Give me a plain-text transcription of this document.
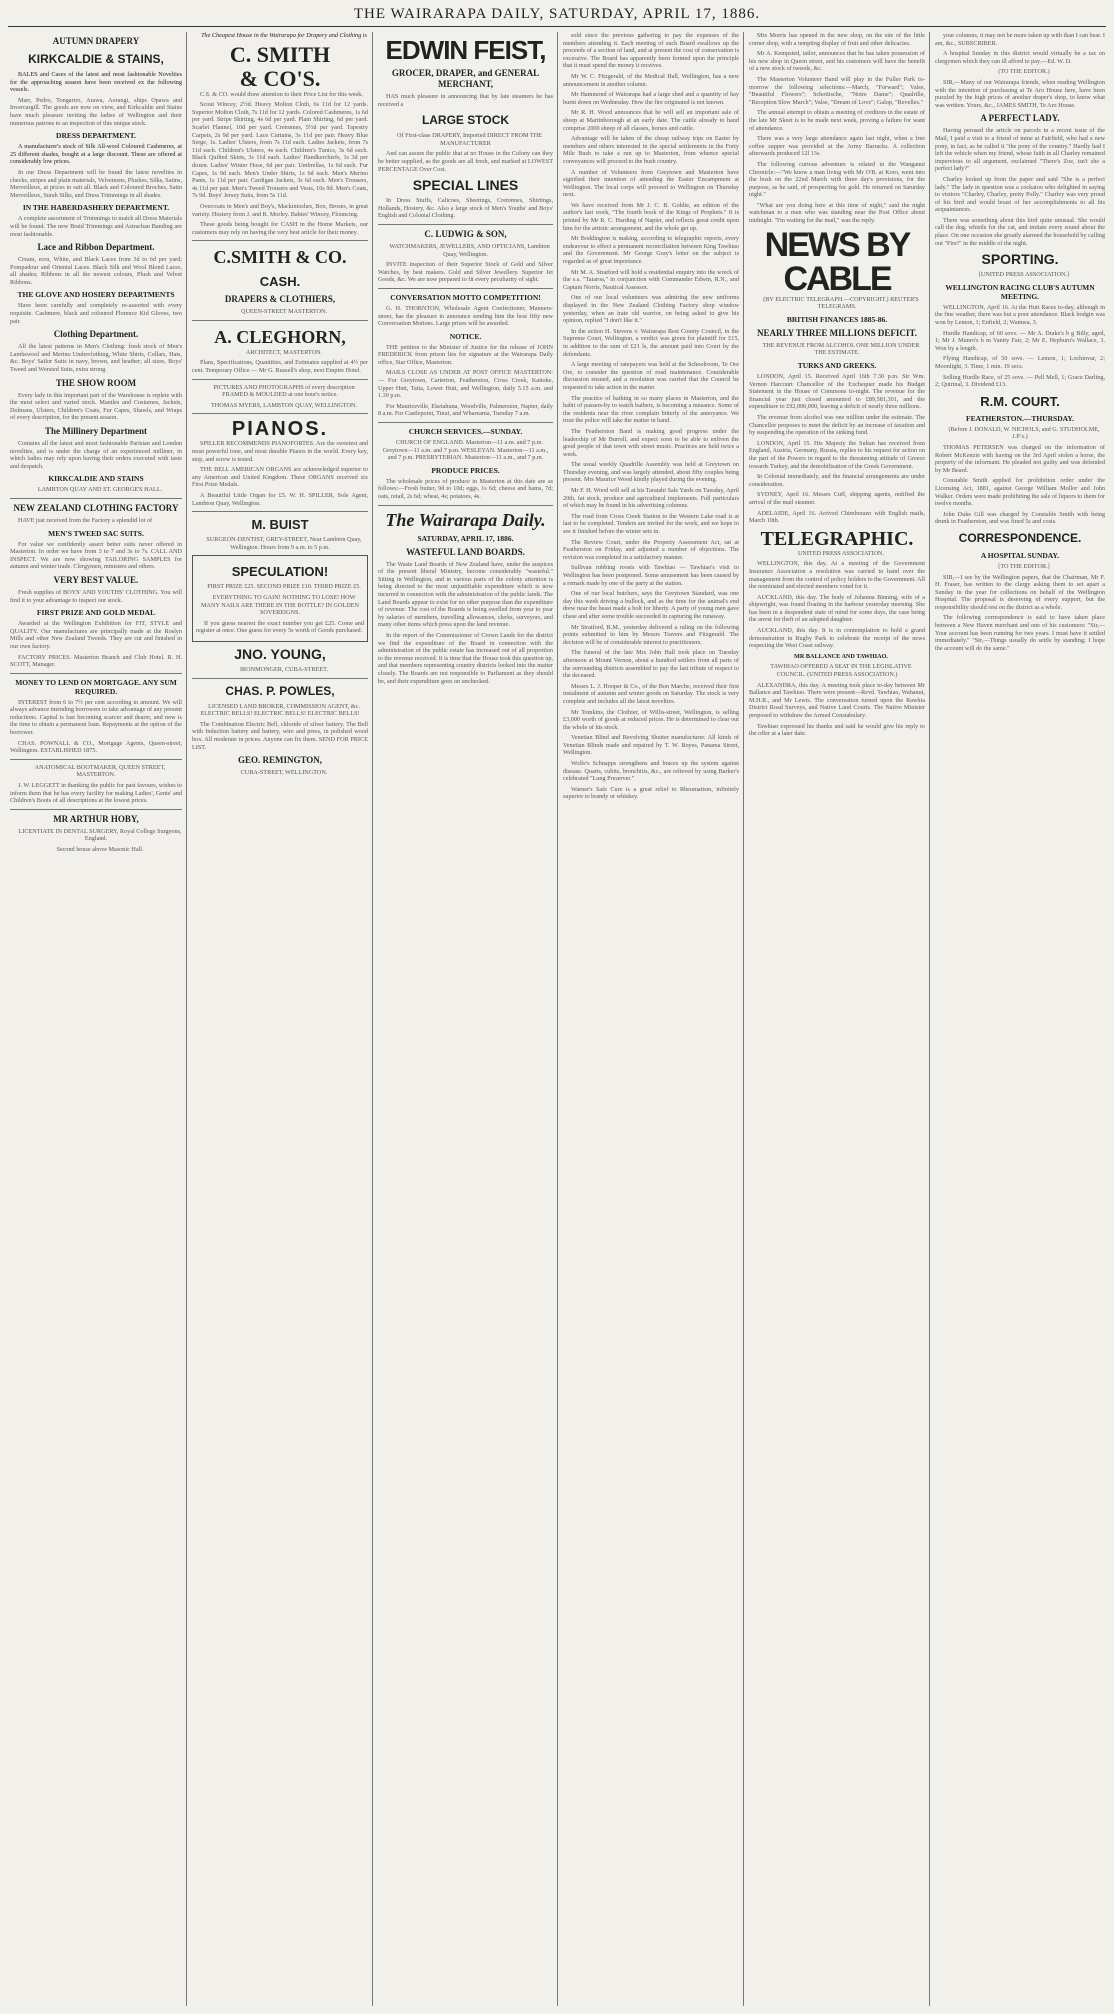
THE WAIRARAPA DAILY, SATURDAY, APRIL 17, 1886.
AUTUMN DRAPERY
KIRKCALDIE & STAINS,

BALES and Cases of the latest and most fashionable Novelties for the approaching season have been received ex the following vessels.

Marr, Pedro, Tongariro, Arawa, Aorangi, ships Opawa and Invercargill. The goods are now on view, and Kirkcaldie and Stains have much pleasure inviting the ladies of Wellington and their numerous patrons to an inspection of this unique stock.

DRESS DEPARTMENT.

A manufacturer's stock of Silk All-wool Coloured Cashmeres, at 25 different shades, bought at a large discount. These are offered at considerably low prices.

In our Dress Department will be found the latest novelties in checks, stripes and plain materials, Velveteens, Plushes, Silks, Satins, Merveilleux, at prices to suit all. Black and Coloured Broches, Satin Merveilleux, Surah Silks, and Dress Trimmings in all shades.

IN THE HABERDASHERY DEPARTMENT.

A complete assortment of Trimmings to match all Dress Materials will be found. The new Braid Trimmings and Astrachan Banding are most fashionable.

Lace and Ribbon Department.

Cream, ecru, White, and Black Laces from 3d to 6d per yard; Pompadour and Oriental Laces. Black Silk and Wool Blond Laces, all shades; Ribbons in all the newest colours, Plush and Velvet Ribbons.

THE GLOVE AND HOSIERY DEPARTMENTS

Have been carefully and completely re-assorted with every requisite. Cashmere, black and coloured Florence Kid Gloves, two pair.

Clothing Department.

All the latest patterns in Men's Clothing: fresh stock of Men's Lambswool and Merino Underclothing, White Shirts, Collars, Hats, &c. Boys' Sailor Suits in navy, brown, and heather; all sizes, Boys' Tweed and Worsted Suits, extra strong.

THE SHOW ROOM

Every lady in this important part of the Warehouse is replete with the most select and varied stock. Mantles and Costumes, Jackets, Dolmans, Ulsters, Children's Coats, Fur Capes, Shawls, and Wraps of every description, for the present season.

The Millinery Department

Contains all the latest and most fashionable Parisian and London novelties, and is under the charge of an experienced milliner, in which ladies may rely upon having their orders executed with taste and despatch.

KIRKCALDIE AND STAINS

LAMBTON QUAY AND ST. GEORGE'S HALL.

NEW ZEALAND CLOTHING FACTORY

HAVE just received from the Factory a splendid lot of

MEN'S TWEED SAC SUITS.

For value we confidently assert better suits never offered in Masterton. In order we have from 3 to 7 and 3s to 7s. CALL AND INSPECT. We are now showing TAILORING SAMPLES for autumn and winter trade. Clergymen, ministers and others.

VERY BEST VALUE.

Fresh supplies of BOYS' AND YOUTHS' CLOTHING. You will find it to your advantage to inspect our stock.

FIRST PRIZE AND GOLD MEDAL

Awarded at the Wellington Exhibition for FIT, STYLE and QUALITY. Our manufactures are principally made at the Roslyn Mills and other New Zealand Tweeds. They are cut and finished in our own factory.

FACTORY PRICES. Masterton Branch and Club Hotel. R. H. SCOTT, Manager.

MONEY TO LEND ON MORTGAGE. ANY SUM REQUIRED.

INTEREST from 6 to 7½ per cent according to amount. We will always advance intending borrowers to take advantage of any present reductions. Capital is fast becoming scarcer and dearer, and now is the time to obtain a permanent loan. Repayments at the option of the borrower.

CHAS. POWNALL & CO., Mortgage Agents, Queen-street, Wellington. ESTABLISHED 1875.

ANATOMICAL BOOTMAKER, QUEEN STREET, MASTERTON.

J. W. LEGGETT in thanking the public for past favours, wishes to inform them that he has every facility for making Ladies', Gents' and Children's Boots of all descriptions at the lowest prices.

MR ARTHUR HOBY,

LICENTIATE IN DENTAL SURGERY, Royal College Surgeons, England.

Second house above Masonic Hall.

The Cheapest House in the Wairarapa for Drapery and Clothing is

C. SMITH
& CO'S.

C.S. & CO. would draw attention to their Price List for this week.

Scout Wincey, 2½d. Heavy Molton Cloth, 6s 11d for 12 yards. Superior Molton Cloth, 7s 11d for 12 yards. Colored Cashmeres, 1s 6d per yard. Stripe Shirting, 4s 6d per yard. Plain Shirting, 6d per yard. Scarlet Flannel, 10d per yard. Cretonnes, 5½d per yard. Tapestry Carpets, 2s 9d per yard. Lace Curtains, 3s 11d per pair. Heavy Blue Serge, 1s. Ladies' Ulsters, from 7s 11d each. Ladies Jackets, from 7s 11d each. Children's Ulsters, 4s each. Children's Tunics, 3s 6d each. Black Quilted Skirts, 3s 11d each. Ladies' Handkerchiefs, 1s 3d per dozen. Ladies' Winter Hose, 6d per pair. Umbrellas, 1s 6d each. Fur Capes, 1s 9d each. Men's Under Shirts, 1s 6d each. Men's Merino Pants, 1s 11d per pair. Cardigan Jackets, 3s 6d each. Men's Trousers, 4s 11d per pair. Men's Tweed Trousers and Vests, 10s 9d. Men's Coats, 7s 9d. Boys' Jersey Suits, from 5s 11d.

Overcoats in Men's and Boy's, Mackintoshes, Box, Broses, in great variety. Hosiery from J. and R. Morley. Babies' Wincey, Flouncing.

These goods being bought for CASH in the Home Markets, our customers may rely on having the very best article for their money.

C.SMITH & CO.
CASH.
DRAPERS & CLOTHIERS,

QUEEN-STREET MASTERTON.

A. CLEGHORN,

ARCHITECT, MASTERTON.

Plans, Specifications, Quantities, and Estimates supplied at 4½ per cent. Temporary Office — Mr G. Russell's shop, next Empire Hotel.

PICTURES AND PHOTOGRAPHS of every description FRAMED & MOULDED at one hour's notice.

THOMAS MYERS, LAMBTON QUAY, WELLINGTON.

PIANOS.

SPILLER RECOMMENDS PIANOFORTES. Are the sweetest and most powerful tone, and most durable Pianos in the world. Every key, stop, and screw is tested.

THE BELL AMERICAN ORGANS are acknowledged superior to any American and United Kingdom. These ORGANS received six First Prize Medals.

A Beautiful Little Organ for £5. W. H. SPILLER, Sole Agent, Lambton Quay, Wellington.

M. BUIST

SURGEON-DENTIST, GREY-STREET, Near Lambton Quay, Wellington. Hours from 9 a.m. to 5 p.m.

SPECULATION!

FIRST PRIZE £25. SECOND PRIZE £10. THIRD PRIZE £5.

EVERYTHING TO GAIN! NOTHING TO LOSE! HOW MANY NAILS ARE THERE IN THE BOTTLE? IN GOLDEN SOVEREIGNS.

If you guess nearest the exact number you get £25. Come and register at once. One guess for every 5s worth of Goods purchased.

JNO. YOUNG,

IRONMONGER, CUBA-STREET.

CHAS. P. POWLES,

LICENSED LAND BROKER, COMMISSION AGENT, &c. ELECTRIC BELLS! ELECTRIC BELLS! ELECTRIC BELLS!

The Combination Electric Bell, chloride of silver battery. The Bell with Induction battery and battery, wire and press, in polished wood box. All moderate in prices. Anyone can fix them. SEND FOR PRICE LIST.

GEO. REMINGTON,

CUBA-STREET, WELLINGTON.

EDWIN FEIST,
GROCER, DRAPER, and GENERAL MERCHANT,

HAS much pleasure in announcing that by late steamers he has received a

LARGE STOCK

Of First-class DRAPERY, Imported DIRECT FROM THE MANUFACTURER

And can assure the public that at no House in the Colony can they be better supplied, as the goods are all fresh, and marked at LOWEST PERCENTAGE Over Cost.

SPECIAL LINES

In Dress Stuffs, Calicoes, Sheetings, Cretonnes, Shirtings, Hollands, Hosiery, &c. Also a large stock of Men's Youths' and Boys' English and Colonial Clothing.

C. LUDWIG & SON,

WATCHMAKERS, JEWELLERS, AND OPTICIANS, Lambton Quay, Wellington.

INVITE inspection of their Superior Stock of Gold and Silver Watches, by best makers. Gold and Silver Jewellery. Superior Jet Goods, &c. We are now prepared to fit every peculiarity of sight.

CONVERSATION MOTTO COMPETITION!

G. H. THORNTON, Wholesale Agent Confectioner, Manners-street, has the pleasure to announce sending him the best fifty new Conversation Mottoes. Large prizes will be awarded.

NOTICE.

THE petition to the Minister of Justice for the release of JOHN FREDERICK from prison lies for signature at the Wairarapa Daily office, Star Office, Masterton.

MAILS CLOSE AS UNDER AT POST OFFICE MASTERTON:— For Greytown, Carterton, Featherston, Cross Creek, Kaitoke, Upper Hutt, Taita, Lower Hutt, and Wellington, daily 5.15 a.m. and 1.30 p.m.

For Mauriceville, Eketahuna, Woodville, Palmerston, Napier, daily 8 a.m. For Castlepoint, Tinui, and Whareama, Tuesday 7 a.m.

CHURCH SERVICES.—SUNDAY.

CHURCH OF ENGLAND. Masterton—11 a.m. and 7 p.m. Greytown—11 a.m. and 7 p.m. WESLEYAN. Masterton—11 a.m., and 7 p.m. PRESBYTERIAN. Masterton—11 a.m., and 7 p.m.

PRODUCE PRICES.

The wholesale prices of produce in Masterton at this date are as follows:—Fresh butter, 9d to 10d; eggs, 1s 6d; cheese and hams, 7d; oats, retail, 2s 6d; wheat, 4s; potatoes, 4s.

The Wairarapa Daily.
SATURDAY, APRIL 17, 1886.
WASTEFUL LAND BOARDS.

The Waste Land Boards of New Zealand have, under the auspices of the present liberal Ministry, become considerably "wasteful." Sitting in Wellington, and in various parts of the colony attention is being directed to the most unjustifiable expenditure which is now incurred in connection with the administration of the public lands. The Land Boards appear to exist for no other purpose than the expenditure of revenue. The cost of the Boards is being swelled from year to year by salaries of members, travelling allowances, clerks, surveyors, and many other items which press upon the land revenue.

In the report of the Commissioner of Crown Lands for the district we find the expenditure of the Board in connection with the administration of the public estate has increased out of all proportion to the revenue received. It is time that the House took this question up, and that members representing country districts looked into the matter closely. The Boards are not responsible to Parliament as they should be, and their expenditure goes on unchecked.

sold since the previous gathering to pay the expenses of the members attending it. Each meeting of such Board swallows up the proceeds of a section of land, and at present the cost of conservation is excessive. The Board has apparently been formed upon the principle that it must spend the money it receives.

Mr W. C. Fitzgerald, of the Medical Hall, Wellington, has a new announcement in another column.

Mr Hammond of Wairarapa had a large shed and a quantity of hay burnt down on Wednesday. How the fire originated is not known.

Mr R. H. Wood announces that he will sell an important sale of sheep at Martinborough at an early date. The cattle already to hand comprise 2000 sheep of all classes, horses and cattle.

Advantage will be taken of the cheap railway trips on Easter by members and others interested in the special settlements in the Forty Mile Bush to take a run up to Masterton, from whence special conveyances will proceed to the bush country.

A number of Volunteers from Greytown and Masterton have signified their intention of attending the Easter Encampment at Wellington. The local corps will proceed to Wellington on Thursday next.

We have received from Mr J. C. B. Goldie, an edition of the author's last work, "The fourth book of the Kings of Prophets." It is printed by Mr R. C. Harding of Napier, and reflects great credit upon him for the artistic arrangement, and the whole get up.

Mr Boddington is making, according to telegraphic reports, every endeavour to effect a permanent reconciliation between King Tawhiao and the Government. Mr George Gray's letter on the subject is regarded as of great importance.

Mr M. A. Stratford will hold a residential enquiry into the wreck of the s.s. "Taiaroa," in conjunction with Commander Edwin, R.N., and Captain Norris, Nautical Assessor.

One of our local volunteers was admiring the new uniforms displayed in the New Zealand Clothing Factory shop window yesterday, when an irate old warrior, on being asked to give his opinion, replied "I don't like it."

In the action H. Stevens v. Wairarapa Rest County Council, in the Supreme Court, Wellington, a verdict was given for plaintiff for £15, in addition to the sum of £21 ls, the amount paid into Court by the defendants.

A large meeting of ratepayers was held at the Schoolroom, Te Ore Ore, to consider the question of road maintenance. Considerable discussion ensued, and a resolution was carried that the Council be requested to take action in the matter.

The practice of bathing in so many places in Masterton, and the habit of passers-by to watch bathers, is becoming a nuisance. Some of the residents near the river complain bitterly of the annoyance. We trust the police will take the matter in hand.

The Featherston Band is making good progress under the leadership of Mr Burrell, and expect soon to be able to enliven the good people of that town with street music. Practices are held twice a week.

The usual weekly Quadrille Assembly was held at Greytown on Thursday evening, and was largely attended, about fifty couples being present. Mrs Maurice Wood kindly played during the evening.

Mr F. H. Wood will sell at his Taratahi Sale Yards on Tuesday, April 20th, fat stock, produce and agricultural implements. Full particulars of which may be found in his advertising columns.

The road from Cross Creek Station to the Western Lake road is at last to be completed. Tenders are invited for the work, and we hope to see it finished before the winter sets in.

The Review Court, under the Property Assessment Act, sat at Featherston on Friday, and adjusted a number of objections. The revision was completed in a satisfactory manner.

Sullivan robbing roosts with Tawhiao — Tawhiao's visit to Wellington has been postponed. Some amusement has been caused by a remark made by one of the party at the station.

One of our local butchers, says the Greytown Standard, was one day this week driving a bullock, and as the time for the animal's end drew near the beast made a bolt for liberty. A party of young men gave chase and after some trouble succeeded in capturing the runaway.

Mr Stratford, R.M., yesterday delivered a ruling on the following points submitted to him by Messrs Travers and Fitzgerald. The decision will be of considerable interest to practitioners.

The funeral of the late Mrs John Hall took place on Tuesday afternoon at Mount Vernon, about a hundred settlers from all parts of the surrounding districts assembled to pay the last tribute of respect to the deceased.

Messrs L. J. Hooper & Co., of the Bon Marche, received their first instalment of autumn and winter goods on Saturday. The stock is very complete and includes all the latest novelties.

Mr Tomkins, the Clothier, of Willis-street, Wellington, is selling £3,000 worth of goods at reduced prices. He is determined to clear out the whole of his stock.

Venetian Blind and Revolving Shutter manufacturer. All kinds of Venetian Blinds made and repaired by T. W. Boyes, Panama Street, Wellington.

Wolfe's Schnapps strengthens and braces up the system against disease. Quarts, cubits, bronchitis, &c., are relieved by using Barker's celebrated "Lung Preserver."

Warner's Safe Cure is a great relief to Rheumatism, infinitely superior to brandy or whiskey.

Mrs Morris has opened in the new shop, on the site of the little corner shop, with a tempting display of fruit and other delicacies.

Mr A. Kempsted, tailor, announces that he has taken possession of his new shop in Queen street, and his customers will have the benefit of a new stock of tweeds, &c.

The Masterton Volunteer Band will play in the Fuller Park to-morrow the following selections:—March, "Forward"; Valse, "Beautiful Flowers"; Schottische, "Notre Dame"; Quadrille, "Reception Slow March"; Valse, "Dream of Love"; Galop, "Revelles."

The annual attempt to obtain a meeting of creditors in the estate of the late Mr Skeet is to be made next week, proving a failure for want of attendance.

There was a very large attendance again last night, when a free coffee supper was provided at the Army Barracks. A collection afterwards produced 12l 13s.

The following curious adventure is related in the Wanganui Chronicle:—"We know a man living with Mr O'B. at Koro, went into the bush on the 22nd March with three day's provisions, for the purpose, as he said, of prospecting for gold. He returned on Saturday night."

"What are you doing here at this time of night," said the night watchman to a man who was standing near the Post Office about midnight. "I'm waiting for the mail," was the reply.

NEWS BY CABLE

(BY ELECTRIC TELEGRAPH.—COPYRIGHT.) REUTER'S TELEGRAMS.

BRITISH FINANCES 1885-86.
NEARLY THREE MILLIONS DEFICIT.

THE REVENUE FROM ALCOHOL ONE MILLION UNDER THE ESTIMATE.

TURKS AND GREEKS.

LONDON, April 15. Received April 16th 7.30 p.m. Sir Wm. Vernon Harcourt Chancellor of the Exchequer made his Budget Statement in the House of Commons to-night. The revenue for the financial year just closed amounted to £89,581,301, and the expenditure to £92,000,000, leaving a deficit of nearly three millions.

The revenue from alcohol was one million under the estimate. The Chancellor proposes to meet the deficit by an increase of taxation and by suspending the operation of the sinking fund.

LONDON, April 15. His Majesty the Sultan has received from England, Austria, Germany, Russia, replies to his request for action on the part of the Powers in regard to the threatening attitude of Greece towards Turkey, and the demobilisation of the Greek Government.

In Colonial immediately, and the financial arrangements are under consideration.

SYDNEY, April 16. Messrs Cuff, shipping agents, notified the arrival of the mail steamer.

ADELAIDE, April 16. Arrived Chimborazo with English mails, March 10th.

TELEGRAPHIC.

UNITED PRESS ASSOCIATION.

WELLINGTON, this day. At a meeting of the Government Insurance Association a resolution was carried to hand over the management from the control of policy holders to the Government. All the nominated and elected members voted for it.

AUCKLAND, this day. The body of Johanna Binning, wife of a shipwright, was found floating in the harbour yesterday morning. She has been in a despondent state of mind for some days, the case being the arrest for theft of an adopted daughter.

AUCKLAND, this day. It is in contemplation to hold a grand demonstration in Rugby Park to celebrate the receipt of the news respecting the West Coast railway.

MR BALLANCE AND TAWHIAO.

TAWHIAO OFFERED A SEAT IN THE LEGISLATIVE COUNCIL. (UNITED PRESS ASSOCIATION.)

ALEXANDRA, this day. A meeting took place to-day between Mr Ballance and Tawhiao. There were present—Revd. Tawhiao, Wahanui, M.H.R., and Mr Lewis. The conversation turned upon the Rawhia District Road Surveys, and Native Land Courts. The Native Minister proposed to withdraw the Armed Constabulary.

Tawhiao expressed his thanks and said he would give his reply to the offer at a later date.

your columns, it may not be more taken up with than I can bear. I am, &c., SUBSCRIBER.

A hospital Sunday in this district would virtually be a tax on clergymen which they can ill afford to pay.—Ed. W. D.

(TO THE EDITOR.)

SIR,—Many of our Wairarapa friends, when reading Wellington with the intention of purchasing at Te Aro House here, have been puzzled by the high prices of another draper's shop, to know what was written. Yours, &c., JAMES SMITH, Te Aro House.

A PERFECT LADY.

Having perused the article on parcels in a recent issue of the Mail, I paid a visit to a friend of mine at Fairfield, who had a new pony, in fact, as he called it "the pony of the country." Hardly had I left the vehicle when my friend, whose faith in all Charley remained impervious to all argument, exclaimed "There's Zoe, isn't she a perfect lady?"

Charley looked up from the paper and said "She is a perfect lady." The lady in question was a cockatoo who delighted in saying to visitors "Charley, Charley, pretty Polly." Charley was very proud of his bird and would boast of her accomplishments to all his acquaintances.

There was something about this bird quite unusual. She would call the dog, whistle for the cat, and imitate every sound about the place. On one occasion she greatly alarmed the household by calling out "Fire!" in the middle of the night.

SPORTING.

[UNITED PRESS ASSOCIATION.]

WELLINGTON RACING CLUB'S AUTUMN MEETING.

WELLINGTON, April 16. At the Hutt Races to-day, although in the fine weather, there was but a poor attendance. Black bodgin was won by Lemon, 1; Enfield, 2; Waimea, 3.

Hurdle Handicap, of 60 sovs. — Mr A. Drake's b g Billy, aged, 1; Mr J. Munro's b m Vanity Fair, 2; Mr E. Hepburn's Wallace, 3. Won by a length.

Flying Handicap, of 50 sovs. — Lemon, 1; Lochinvar, 2; Moonlight, 3. Time, 1 min. 19 secs.

Selling Hurdle Race, of 25 sovs. — Pell Mell, 1; Grace Darling, 2; Quirinal, 3. Dividend £13.

R.M. COURT.
FEATHERSTON.—THURSDAY.

(Before J. DONALD, W. NICHOLS, and G. STUDHOLME, J.P.'s.)

THOMAS PETERSEN was charged on the information of Robert McKenzie with having on the 3rd April stolen a horse, the property of the informant. He pleaded not guilty and was defended by Mr Beard.

Constable Smith applied for prohibition order under the Licensing Act, 1881, against George William Mollor and John Walker. Orders were made prohibiting the sale of liquors to them for twelve months.

John Duke Gill was charged by Constable Smith with being drunk in Featherston, and was fined 5s and costs.

CORRESPONDENCE.
A HOSPITAL SUNDAY.

[TO THE EDITOR.]

SIR,—I see by the Wellington papers, that the Chairman, Mr F. H. Fraser, has written to the clergy asking them to set apart a Sunday in the year for collections on behalf of the Wellington Hospital. The proposal is deserving of every support, but the responsibility should rest on the district as a whole.

The following correspondence is said to have taken place between a New Haven merchant and one of his customers: "Sir,—Your account has been running for two years. I must have it settled immediately." "Sir,—Things usually do settle by standing; I hope the account will do the same."
